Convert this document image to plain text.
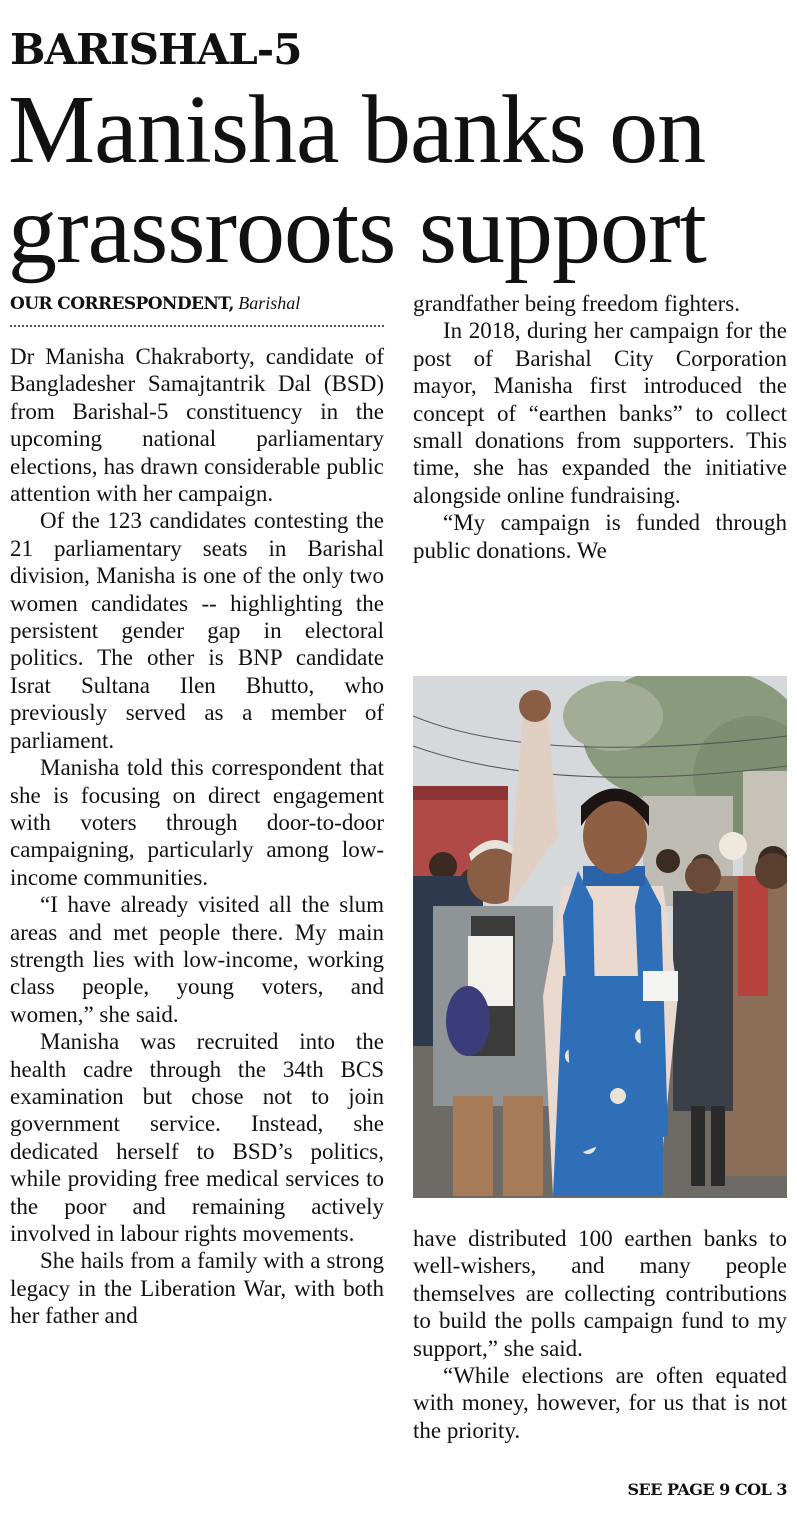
BARISHAL-5
Manisha banks on grassroots support
OUR CORRESPONDENT, Barishal

Dr Manisha Chakraborty, candidate of Bangladesher Samajtantrik Dal (BSD) from Barishal-5 constituency in the upcoming national parliamentary elections, has drawn considerable public attention with her campaign.

Of the 123 candidates contesting the 21 parliamentary seats in Barishal division, Manisha is one of the only two women candidates -- highlighting the persistent gender gap in electoral politics. The other is BNP candidate Israt Sultana Ilen Bhutto, who previously served as a member of parliament.

Manisha told this correspondent that she is focusing on direct engagement with voters through door-to-door campaigning, particularly among low-income communities.

“I have already visited all the slum areas and met people there. My main strength lies with low-income, working class people, young voters, and women,” she said.

Manisha was recruited into the health cadre through the 34th BCS examination but chose not to join government service. Instead, she dedicated herself to BSD’s politics, while providing free medical services to the poor and remaining actively involved in labour rights movements.

She hails from a family with a strong legacy in the Liberation War, with both her father and

grandfather being freedom fighters.

In 2018, during her campaign for the post of Barishal City Corporation mayor, Manisha first introduced the concept of “earthen banks” to collect small donations from supporters. This time, she has expanded the initiative alongside online fundraising.

“My campaign is funded through public donations. We

have distributed 100 earthen banks to well-wishers, and many people themselves are collecting contributions to build the polls campaign fund to my support,” she said.

“While elections are often equated with money, however, for us that is not the priority.

SEE PAGE 9 COL 3
